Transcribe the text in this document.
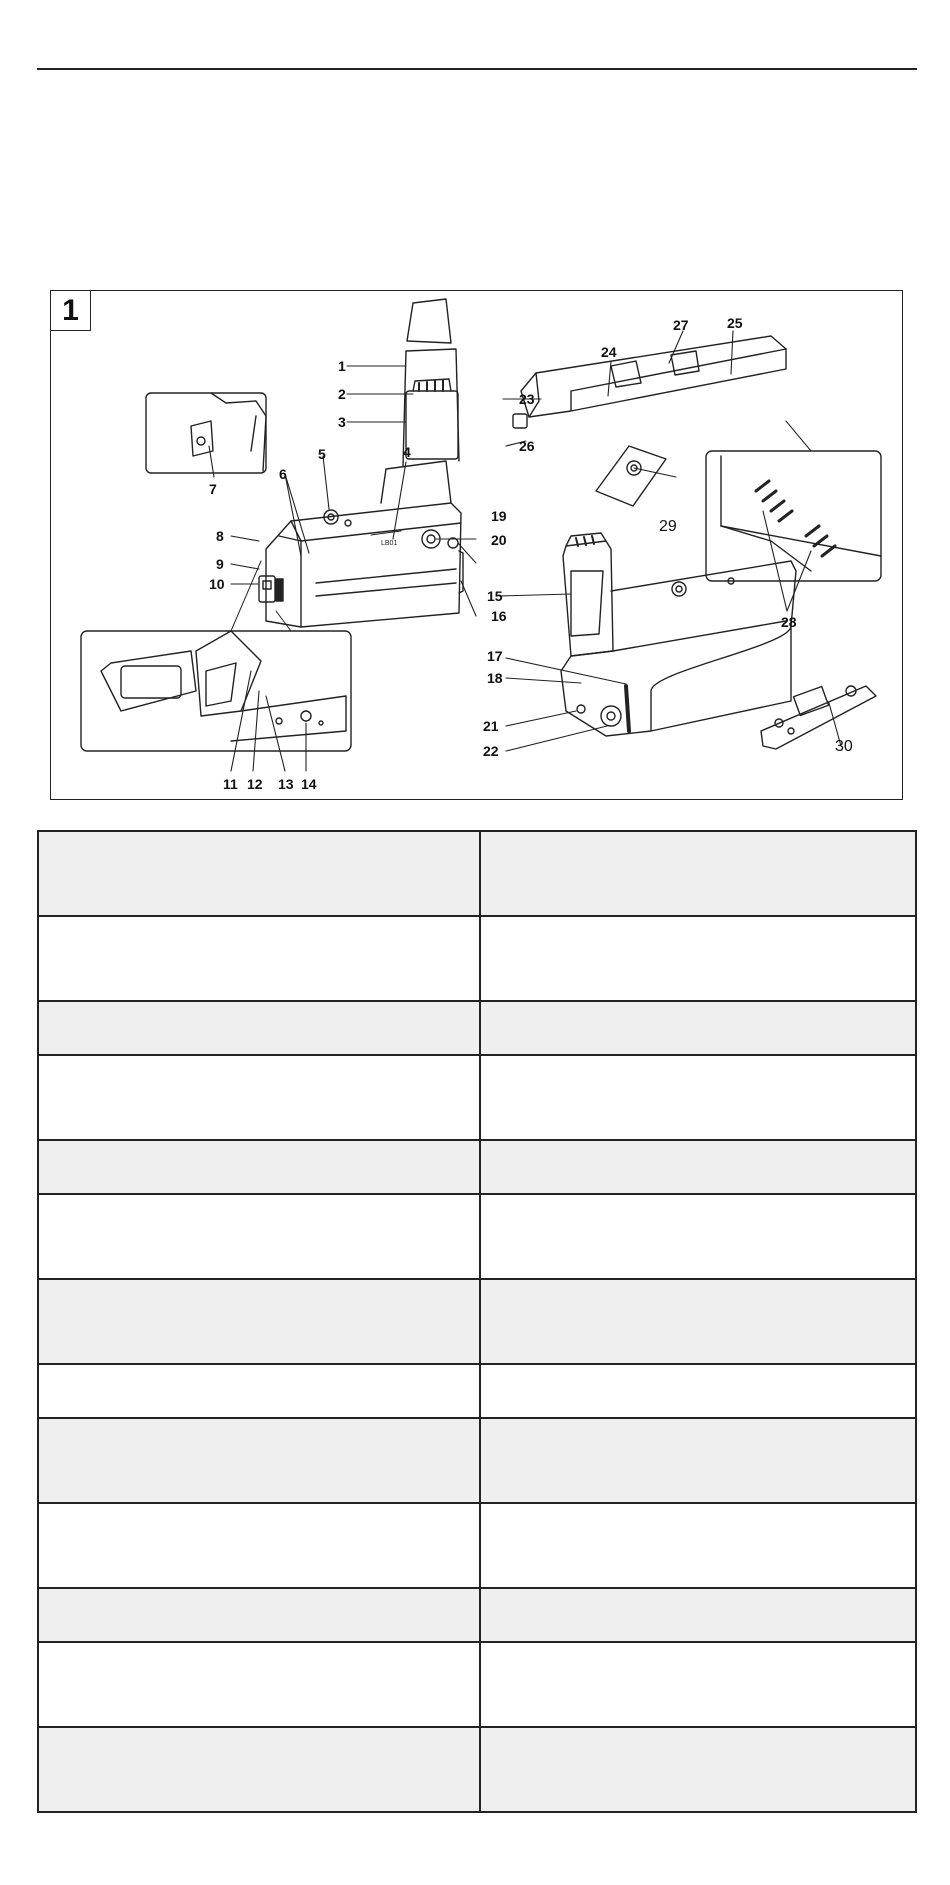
LB01
1
2
3
4
5
6
7
8
9
10
11 12 13 14
15
16
17
18
19
20
21
22
23
24
25
26
27
28
29
30
1
